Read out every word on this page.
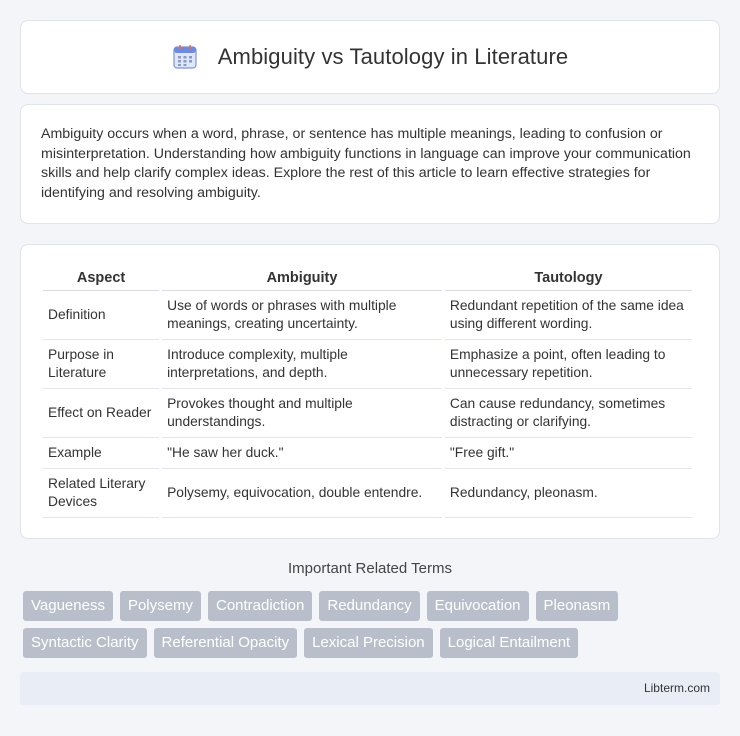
Ambiguity vs Tautology in Literature

Ambiguity occurs when a word, phrase, or sentence has multiple meanings, leading to confusion or misinterpretation. Understanding how ambiguity functions in language can improve your communication skills and help clarify complex ideas. Explore the rest of this article to learn effective strategies for identifying and resolving ambiguity.

Aspect	Ambiguity	Tautology
Definition	Use of words or phrases with multiple meanings, creating uncertainty.	Redundant repetition of the same idea using different wording.
Purpose in Literature	Introduce complexity, multiple interpretations, and depth.	Emphasize a point, often leading to unnecessary repetition.
Effect on Reader	Provokes thought and multiple understandings.	Can cause redundancy, sometimes distracting or clarifying.
Example	"He saw her duck."	"Free gift."
Related Literary Devices	Polysemy, equivocation, double entendre.	Redundancy, pleonasm.
Important Related Terms
Vagueness	Polysemy	Contradiction	Redundancy	Equivocation	Pleonasm
Syntactic Clarity	Referential Opacity	Lexical Precision	Logical Entailment
Libterm.com
